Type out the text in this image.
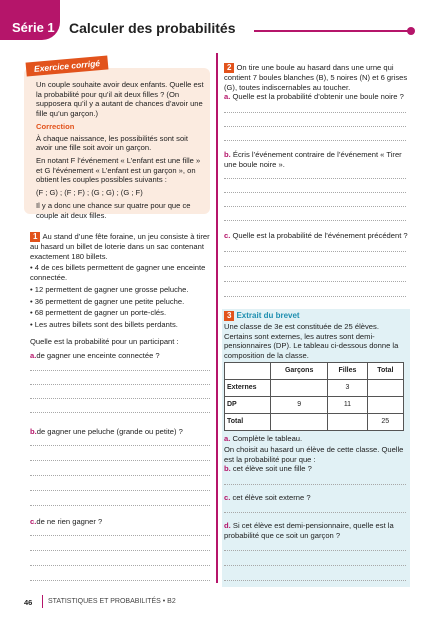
Série 1 Calculer des probabilités
Exercice corrigé

Un couple souhaite avoir deux enfants. Quelle est la probabilité pour qu’il ait deux filles ? (On supposera qu’il y a autant de chances d’avoir une fille qu’un garçon.)

Correction

À chaque naissance, les possibilités sont soit avoir une fille soit avoir un garçon.

En notant F l’événement « L’enfant est une fille » et G l’événement « L’enfant est un garçon », on obtient les couples possibles suivants :

(F ; G) ; (F ; F) ; (G ; G) ; (G ; F)

Il y a donc une chance sur quatre pour que ce couple ait deux filles.

1 Au stand d’une fête foraine, un jeu consiste à tirer au hasard un billet de loterie dans un sac contenant exactement 180 billets.

• 4 de ces billets permettent de gagner une enceinte connectée.

• 12 permettent de gagner une grosse peluche.

• 36 permettent de gagner une petite peluche.

• 68 permettent de gagner un porte-clés.

• Les autres billets sont des billets perdants.

Quelle est la probabilité pour un participant :
a.de gagner une enceinte connectée ?
b.de gagner une peluche (grande ou petite) ?
c.de ne rien gagner ?
2 On tire une boule au hasard dans une urne qui contient 7 boules blanches (B), 5 noires (N) et 6 grises (G), toutes indiscernables au toucher.
a. Quelle est la probabilité d’obtenir une boule noire ?
b. Écris l’événement contraire de l’événement « Tirer une boule noire ».
c. Quelle est la probabilité de l’événement précédent ?
3 Extrait du brevet
Une classe de 3e est constituée de 25 élèves. Certains sont externes, les autres sont demi-pensionnaires (DP). Le tableau ci-dessous donne la composition de la classe.
	Garçons	Filles	Total
Externes		3	
DP	9	11	
Total			25
a. Complète le tableau.
On choisit au hasard un élève de cette classe. Quelle est la probabilité pour que :
b. cet élève soit une fille ?
c. cet élève soit externe ?
d. Si cet élève est demi-pensionnaire, quelle est la probabilité que ce soit un garçon ?
46 STATISTIQUES ET PROBABILITÉS • B2
